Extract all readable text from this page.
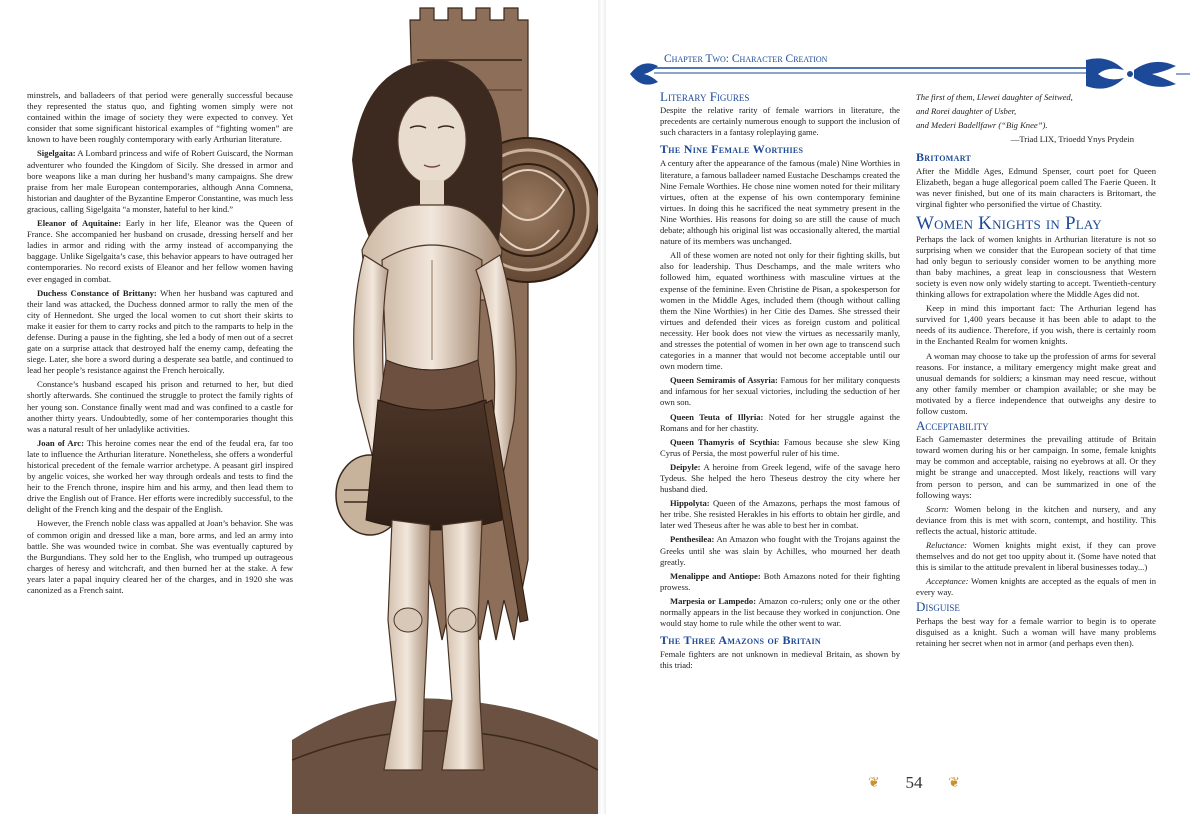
minstrels, and balladeers of that period were generally successful because they represented the status quo, and fighting women simply were not contained within the image of society they were expected to convey. Yet consider that some significant historical examples of “fighting women” are known to have been roughly contemporary with early Arthurian literature.

Sigelgaita: A Lombard princess and wife of Robert Guiscard, the Norman adventurer who founded the Kingdom of Sicily. She dressed in armor and bore weapons like a man during her husband’s many campaigns. She drew praise from her male European contemporaries, although Anna Comnena, historian and daughter of the Byzantine Emperor Constantine, was much less gracious, calling Sigelgaita “a monster, hateful to her kind.”

Eleanor of Aquitaine: Early in her life, Eleanor was the Queen of France. She accompanied her husband on crusade, dressing herself and her ladies in armor and riding with the army instead of accompanying the baggage. Unlike Sigelgaita’s case, this behavior appears to have outraged her contemporaries. No record exists of Eleanor and her fellow women having ever engaged in combat.

Duchess Constance of Brittany: When her husband was captured and their land was attacked, the Duchess donned armor to rally the men of the city of Hennedont. She urged the local women to cut short their skirts to make it easier for them to carry rocks and pitch to the ramparts to help in the defense. During a pause in the fighting, she led a body of men out of a secret gate on a surprise attack that destroyed half the enemy camp, defeating the siege. Later, she bore a sword during a desperate sea battle, and continued to lead her people’s resistance against the French heroically.

Constance’s husband escaped his prison and returned to her, but died shortly afterwards. She continued the struggle to protect the family rights of her young son. Constance finally went mad and was confined to a castle for another thirty years. Undoubtedly, some of her contemporaries thought this was a natural result of her unladylike activities.

Joan of Arc: This heroine comes near the end of the feudal era, far too late to influence the Arthurian literature. Nonetheless, she offers a wonderful historical precedent of the female warrior archetype. A peasant girl inspired by angelic voices, she worked her way through ordeals and tests to find the heir to the French throne, inspire him and his army, and then lead them to drive the English out of France. Her efforts were incredibly successful, to the delight of the French king and the despair of the English.

However, the French noble class was appalled at Joan’s behavior. She was of common origin and dressed like a man, bore arms, and led an army into battle. She was wounded twice in combat. She was eventually captured by the Burgundians. They sold her to the English, who trumped up outrageous charges of heresy and witchcraft, and then burned her at the stake. A few years later a papal inquiry cleared her of the charges, and in 1920 she was canonized as a French saint.

Chapter Two: Character Creation
Literary Figures

Despite the relative rarity of female warriors in literature, the precedents are certainly numerous enough to support the inclusion of such characters in a fantasy roleplaying game.

The Nine Female Worthies

A century after the appearance of the famous (male) Nine Worthies in literature, a famous balladeer named Eustache Deschamps created the Nine Female Worthies. He chose nine women noted for their military virtues, often at the expense of his own contemporary feminine virtues. In doing this he sacrificed the neat symmetry present in the Nine Worthies. His reasons for doing so are still the cause of much debate; although his original list was occasionally altered, the martial nature of its members was unchanged.

All of these women are noted not only for their fighting skills, but also for leadership. Thus Deschamps, and the male writers who followed him, equated worthiness with masculine virtues at the expense of the feminine. Even Christine de Pisan, a spokesperson for women in the Middle Ages, included them (though without calling them the Nine Worthies) in her Citie des Dames. She stressed their virtues and defended their vices as foreign custom and political necessity. Her book does not view the virtues as necessarily manly, and stresses the potential of women in her own age to transcend such categories in a manner that would not become acceptable until our own modern time.

Queen Semiramis of Assyria: Famous for her military conquests and infamous for her sexual victories, including the seduction of her own son.

Queen Teuta of Illyria: Noted for her struggle against the Romans and for her chastity.

Queen Thamyris of Scythia: Famous because she slew King Cyrus of Persia, the most powerful ruler of his time.

Deipyle: A heroine from Greek legend, wife of the savage hero Tydeus. She helped the hero Theseus destroy the city where her husband died.

Hippolyta: Queen of the Amazons, perhaps the most famous of her tribe. She resisted Herakles in his efforts to obtain her girdle, and later wed Theseus after he was able to best her in combat.

Penthesilea: An Amazon who fought with the Trojans against the Greeks until she was slain by Achilles, who mourned her death greatly.

Menalippe and Antiope: Both Amazons noted for their fighting prowess.

Marpesia or Lampedo: Amazon co-rulers; only one or the other normally appears in the list because they worked in conjunction. One would stay home to rule while the other went to war.

The Three Amazons of Britain

Female fighters are not unknown in medieval Britain, as shown by this triad:

The first of them, Llewei daughter of Seitwed,
and Rorei daughter of Usber,
and Mederi Badellfawr (“Big Knee”).
—Triad LIX, Trioedd Ynys Prydein
Britomart

After the Middle Ages, Edmund Spenser, court poet for Queen Elizabeth, began a huge allegorical poem called The Faerie Queen. It was never finished, but one of its main characters is Britomart, the virginal fighter who personified the virtue of Chastity.

Women Knights in Play

Perhaps the lack of women knights in Arthurian literature is not so surprising when we consider that the European society of that time had only begun to seriously consider women to be anything more than baby machines, a great leap in consciousness that Western society is even now only widely starting to accept. Twentieth-century thinking allows for extrapolation where the Middle Ages did not.

Keep in mind this important fact: The Arthurian legend has survived for 1,400 years because it has been able to adapt to the needs of its audience. Therefore, if you wish, there is certainly room in the Enchanted Realm for women knights.

A woman may choose to take up the profession of arms for several reasons. For instance, a military emergency might make great and unusual demands for soldiers; a kinsman may need rescue, without any other family member or champion available; or she may be motivated by a fierce independence that outweighs any desire to follow custom.

Acceptability

Each Gamemaster determines the prevailing attitude of Britain toward women during his or her campaign. In some, female knights may be common and acceptable, raising no eyebrows at all. Or they might be strange and unaccepted. Most likely, reactions will vary from person to person, and can be summarized in one of the following ways:

Scorn: Women belong in the kitchen and nursery, and any deviance from this is met with scorn, contempt, and hostility. This reflects the actual, historic attitude.

Reluctance: Women knights might exist, if they can prove themselves and do not get too uppity about it. (Some have noted that this is similar to the attitude prevalent in liberal businesses today...)

Acceptance: Women knights are accepted as the equals of men in every way.

Disguise

Perhaps the best way for a female warrior to begin is to operate disguised as a knight. Such a woman will have many problems retaining her secret when not in armor (and perhaps even then).

❦ 54 ❦
